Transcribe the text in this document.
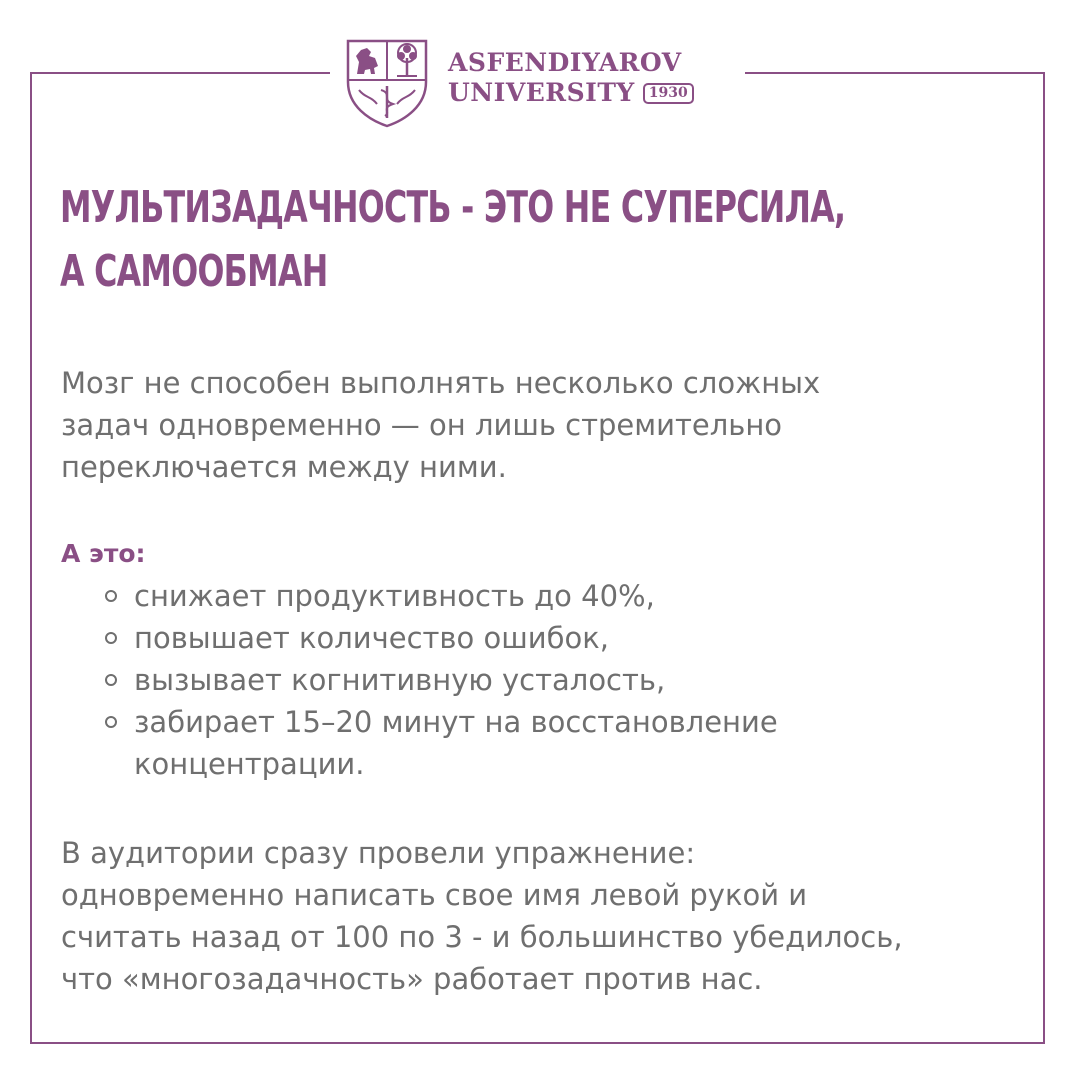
ASFENDIYAROV
UNIVERSITY	1930
МУЛЬТИЗАДАЧНОСТЬ - ЭТО НЕ СУПЕРСИЛА,
А САМООБМАН
Мозг не способен выполнять несколько сложных
задач одновременно — он лишь стремительно
переключается между ними.
А это:
снижает продуктивность до 40%,
повышает количество ошибок,
вызывает когнитивную усталость,
забирает 15–20 минут на восстановление концентрации.
В аудитории сразу провели упражнение:
одновременно написать свое имя левой рукой и
считать назад от 100 по 3 - и большинство убедилось,
что «многозадачность» работает против нас.
